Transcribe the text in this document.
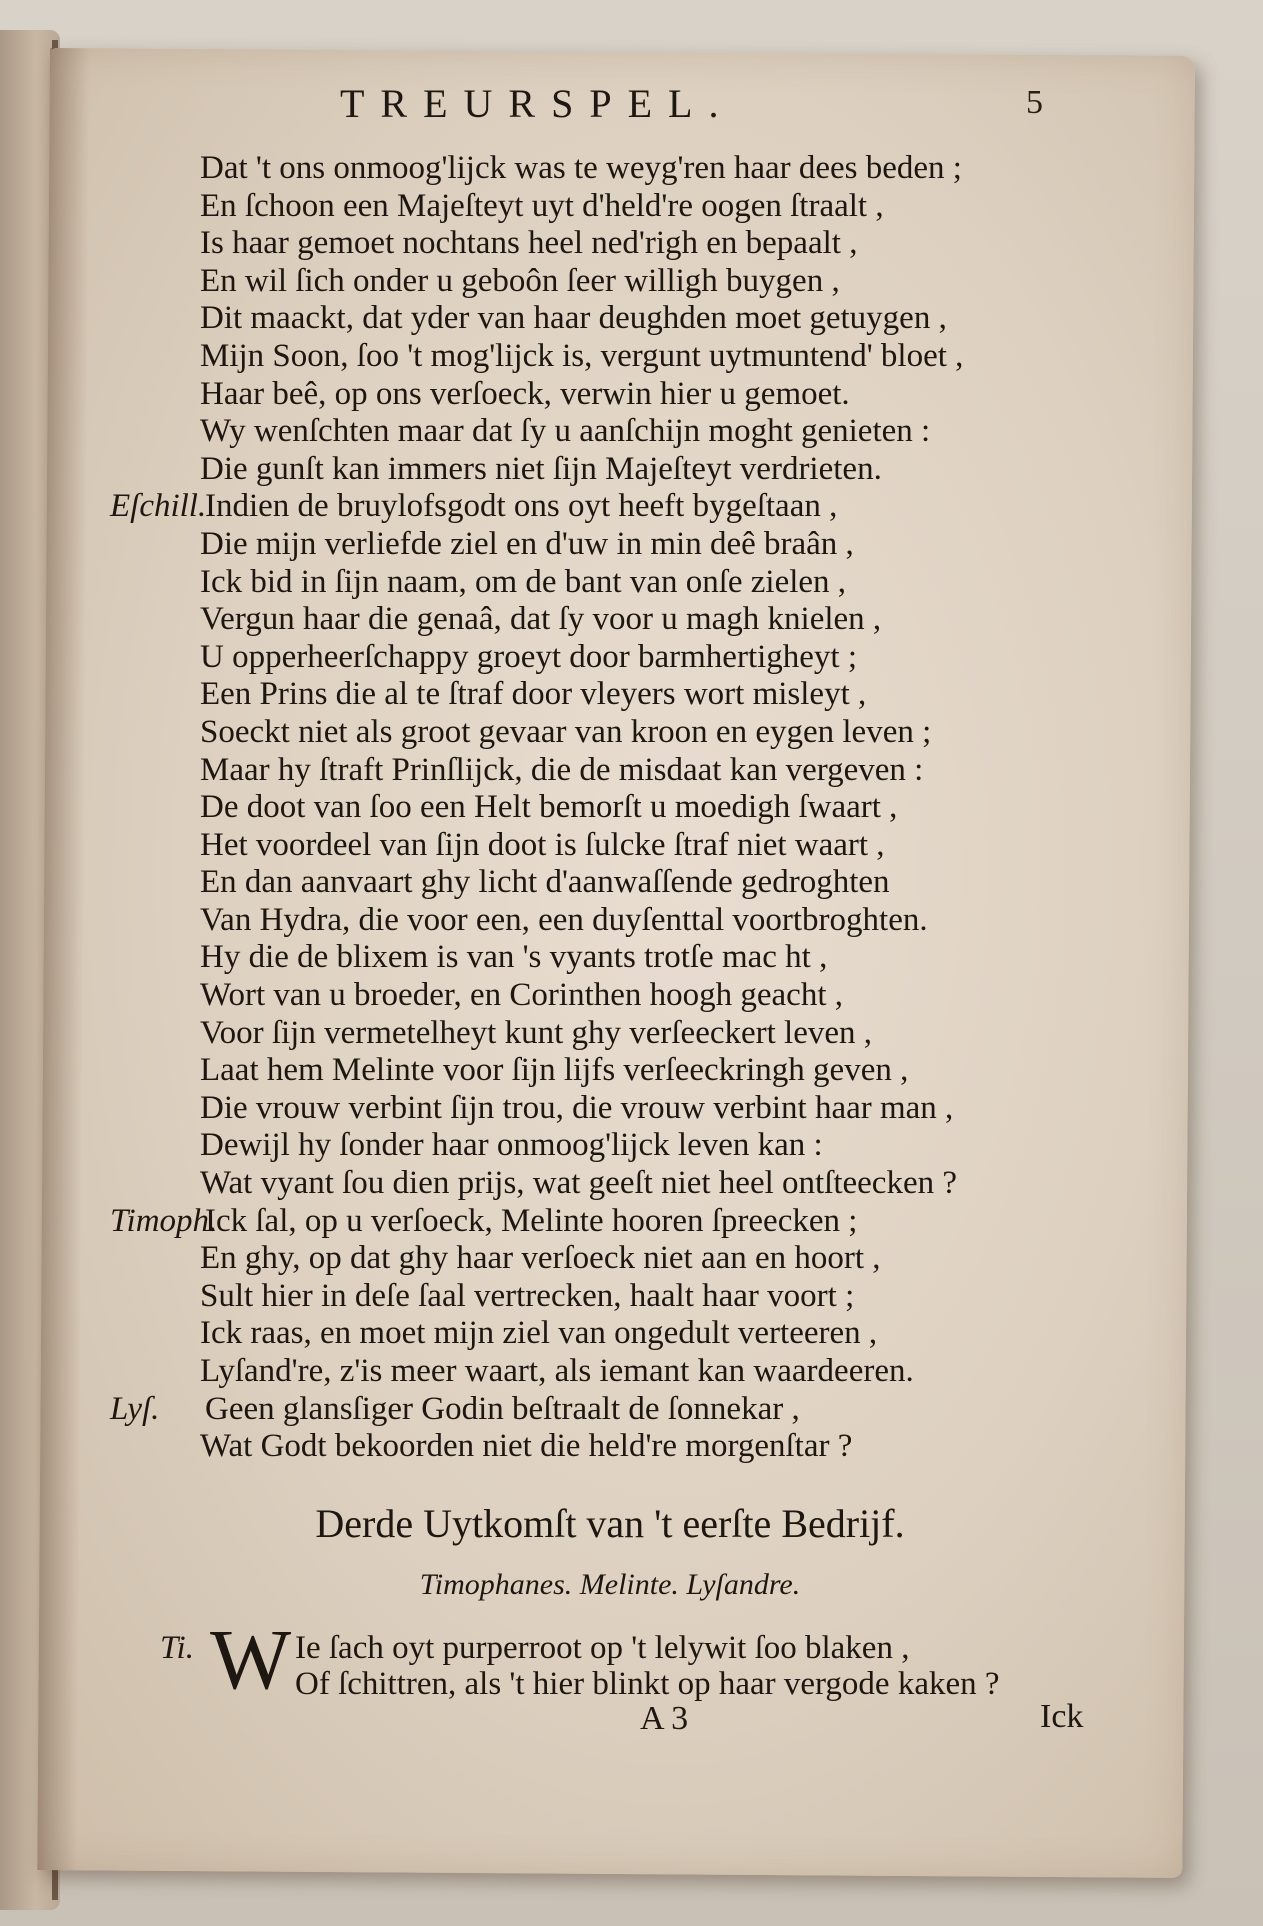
TREURSPEL.	5
Dat 't ons onmoog'lijck was te weyg'ren haar dees beden ;
En ſchoon een Majeſteyt uyt d'held're oogen ſtraalt ,
Is haar gemoet nochtans heel ned'righ en bepaalt ,
En wil ſich onder u geboôn ſeer willigh buygen ,
Dit maackt, dat yder van haar deughden moet getuygen ,
Mijn Soon, ſoo 't mog'lijck is, vergunt uytmuntend' bloet ,
Haar beê, op ons verſoeck, verwin hier u gemoet.
Wy wenſchten maar dat ſy u aanſchijn moght genieten :
Die gunſt kan immers niet ſijn Majeſteyt verdrieten.
Eſchill.
Indien de bruylofsgodt ons oyt heeft bygeſtaan ,
Die mijn verliefde ziel en d'uw in min deê braân ,
Ick bid in ſijn naam, om de bant van onſe zielen ,
Vergun haar die genaâ, dat ſy voor u magh knielen ,
U opperheerſchappy groeyt door barmhertigheyt ;
Een Prins die al te ſtraf door vleyers wort misleyt ,
Soeckt niet als groot gevaar van kroon en eygen leven ;
Maar hy ſtraft Prinſlijck, die de misdaat kan vergeven :
De doot van ſoo een Helt bemorſt u moedigh ſwaart ,
Het voordeel van ſijn doot is ſulcke ſtraf niet waart ,
En dan aanvaart ghy licht d'aanwaſſende gedroghten
Van Hydra, die voor een, een duyſenttal voortbroghten.
Hy die de blixem is van 's vyants trotſe mac ht ,
Wort van u broeder, en Corinthen hoogh geacht ,
Voor ſijn vermetelheyt kunt ghy verſeeckert leven ,
Laat hem Melinte voor ſijn lijfs verſeeckringh geven ,
Die vrouw verbint ſijn trou, die vrouw verbint haar man ,
Dewijl hy ſonder haar onmoog'lijck leven kan :
Wat vyant ſou dien prijs, wat geeſt niet heel ontſteecken ?
Timoph.
Ick ſal, op u verſoeck, Melinte hooren ſpreecken ;
En ghy, op dat ghy haar verſoeck niet aan en hoort ,
Sult hier in deſe ſaal vertrecken, haalt haar voort ;
Ick raas, en moet mijn ziel van ongedult verteeren ,
Lyſand're, z'is meer waart, als iemant kan waardeeren.
Lyſ. Geen glansſiger Godin beſtraalt de ſonnekar ,
Wat Godt bekoorden niet die held're morgenſtar ?
Derde Uytkomſt van 't eerſte Bedrijf.
Timophanes. Melinte. Lyſandre.
Ti. W Ie ſach oyt purperroot op 't lelywit ſoo blaken ,
Of ſchittren, als 't hier blinkt op haar vergode kaken ?
A 3	Ick
